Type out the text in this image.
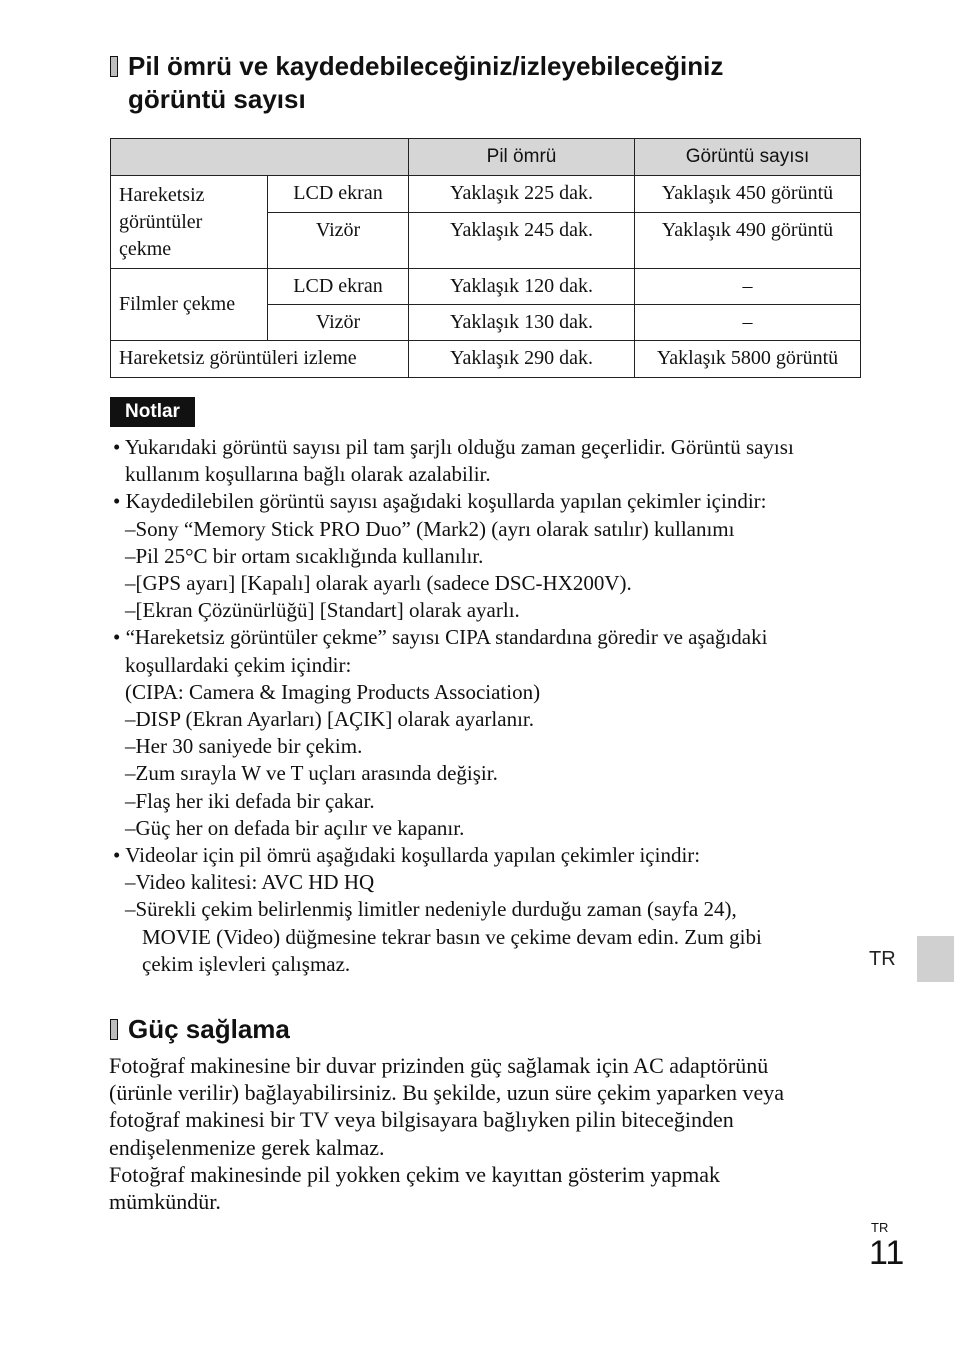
Pil ömrü ve kaydedebileceğiniz/izleyebileceğiniz
görüntü sayısı
		Pil ömrü	Görüntü sayısı

Hareketsiz
görüntüler
çekme	LCD ekran	Yaklaşık 225 dak.	Yaklaşık 450 görüntü
	Vizör	Yaklaşık 245 dak.	Yaklaşık 490 görüntü
Filmler çekme	LCD ekran	Yaklaşık 120 dak.	–
	Vizör	Yaklaşık 130 dak.	–
Hareketsiz görüntüleri izleme		Yaklaşık 290 dak.	Yaklaşık 5800 görüntü
Notlar
• Yukarıdaki görüntü sayısı pil tam şarjlı olduğu zaman geçerlidir. Görüntü sayısı
kullanım koşullarına bağlı olarak azalabilir.
• Kaydedilebilen görüntü sayısı aşağıdaki koşullarda yapılan çekimler içindir:
–Sony “Memory Stick PRO Duo” (Mark2) (ayrı olarak satılır) kullanımı
–Pil 25°C bir ortam sıcaklığında kullanılır.
–[GPS ayarı] [Kapalı] olarak ayarlı (sadece DSC-HX200V).
–[Ekran Çözünürlüğü] [Standart] olarak ayarlı.
• “Hareketsiz görüntüler çekme” sayısı CIPA standardına göredir ve aşağıdaki
koşullardaki çekim içindir:
(CIPA: Camera & Imaging Products Association)
–DISP (Ekran Ayarları) [AÇIK] olarak ayarlanır.
–Her 30 saniyede bir çekim.
–Zum sırayla W ve T uçları arasında değişir.
–Flaş her iki defada bir çakar.
–Güç her on defada bir açılır ve kapanır.
• Videolar için pil ömrü aşağıdaki koşullarda yapılan çekimler içindir:
–Video kalitesi: AVC HD HQ
–Sürekli çekim belirlenmiş limitler nedeniyle durduğu zaman (sayfa 24),
MOVIE (Video) düğmesine tekrar basın ve çekime devam edin. Zum gibi
çekim işlevleri çalışmaz.	TR
Güç sağlama
Fotoğraf makinesine bir duvar prizinden güç sağlamak için AC adaptörünü
(ürünle verilir) bağlayabilirsiniz. Bu şekilde, uzun süre çekim yaparken veya
fotoğraf makinesi bir TV veya bilgisayara bağlıyken pilin biteceğinden
endişelenmenize gerek kalmaz.
Fotoğraf makinesinde pil yokken çekim ve kayıttan gösterim yapmak
mümkündür.
TR
11
